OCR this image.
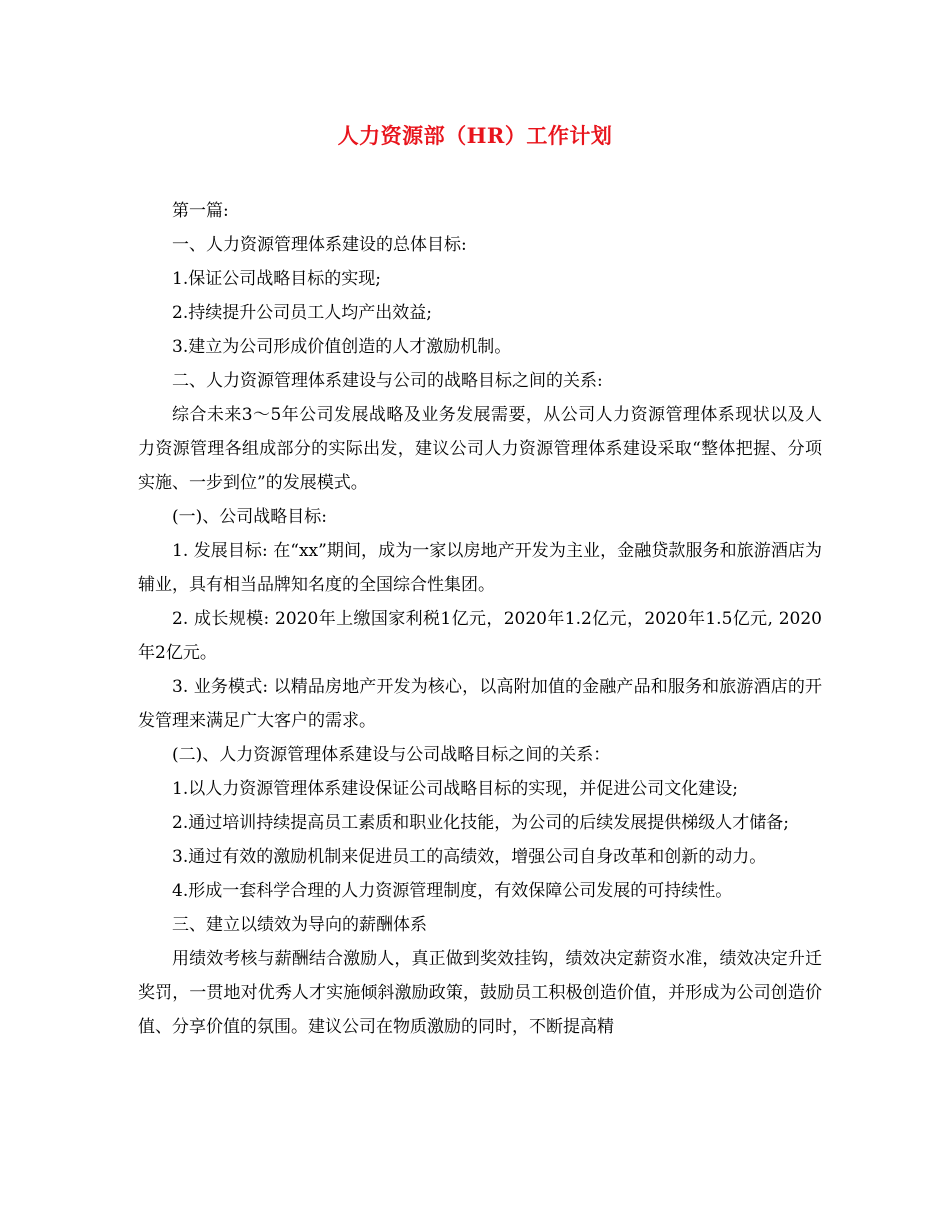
人力资源部（HR）工作计划

第一篇:

一、人力资源管理体系建设的总体目标:

1.保证公司战略目标的实现;

2.持续提升公司员工人均产出效益;

3.建立为公司形成价值创造的人才激励机制。

二、人力资源管理体系建设与公司的战略目标之间的关系:

综合未来3～5年公司发展战略及业务发展需要，从公司人力资源管理体系现状以及人力资源管理各组成部分的实际出发，建议公司人力资源管理体系建设采取“整体把握、分项实施、一步到位”的发展模式。

(一)、公司战略目标:

1. 发展目标: 在“xx”期间，成为一家以房地产开发为主业，金融贷款服务和旅游酒店为辅业，具有相当品牌知名度的全国综合性集团。

2. 成长规模: 2020年上缴国家利税1亿元，2020年1.2亿元，2020年1.5亿元, 2020年2亿元。

3. 业务模式: 以精品房地产开发为核心，以高附加值的金融产品和服务和旅游酒店的开发管理来满足广大客户的需求。

(二)、人力资源管理体系建设与公司战略目标之间的关系：

1.以人力资源管理体系建设保证公司战略目标的实现，并促进公司文化建设;

2.通过培训持续提高员工素质和职业化技能，为公司的后续发展提供梯级人才储备;

3.通过有效的激励机制来促进员工的高绩效，增强公司自身改革和创新的动力。

4.形成一套科学合理的人力资源管理制度，有效保障公司发展的可持续性。

三、建立以绩效为导向的薪酬体系

用绩效考核与薪酬结合激励人，真正做到奖效挂钩，绩效决定薪资水准，绩效决定升迁奖罚，一贯地对优秀人才实施倾斜激励政策，鼓励员工积极创造价值，并形成为公司创造价值、分享价值的氛围。建议公司在物质激励的同时，不断提高精
